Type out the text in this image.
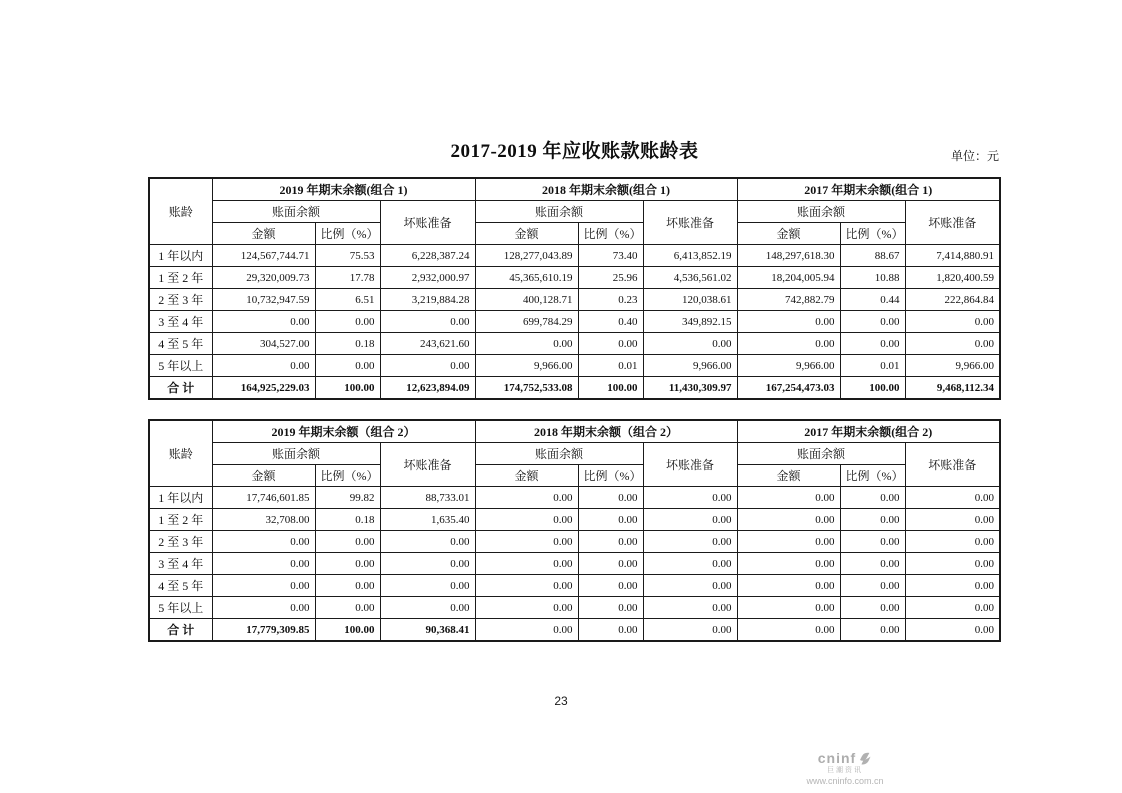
2017-2019 年应收账款账龄表	单位：元
账龄	2019 年期末余额(组合 1)			2018 年期末余额(组合 1)			2017 年期末余额(组合 1)		
	账面余额		坏账准备	账面余额		坏账准备	账面余额		坏账准备
	金额	比例（%）		金额	比例（%）		金额	比例（%）	
1 年以内	124,567,744.71	75.53	6,228,387.24	128,277,043.89	73.40	6,413,852.19	148,297,618.30	88.67	7,414,880.91
1 至 2 年	29,320,009.73	17.78	2,932,000.97	45,365,610.19	25.96	4,536,561.02	18,204,005.94	10.88	1,820,400.59
2 至 3 年	10,732,947.59	6.51	3,219,884.28	400,128.71	0.23	120,038.61	742,882.79	0.44	222,864.84
3 至 4 年	0.00	0.00	0.00	699,784.29	0.40	349,892.15	0.00	0.00	0.00
4 至 5 年	304,527.00	0.18	243,621.60	0.00	0.00	0.00	0.00	0.00	0.00
5 年以上	0.00	0.00	0.00	9,966.00	0.01	9,966.00	9,966.00	0.01	9,966.00
合 计	164,925,229.03	100.00	12,623,894.09	174,752,533.08	100.00	11,430,309.97	167,254,473.03	100.00	9,468,112.34
账龄	2019 年期末余额（组合 2）			2018 年期末余额（组合 2）			2017 年期末余额(组合 2)		
	账面余额		坏账准备	账面余额		坏账准备	账面余额		坏账准备
	金额	比例（%）		金额	比例（%）		金额	比例（%）	
1 年以内	17,746,601.85	99.82	88,733.01	0.00	0.00	0.00	0.00	0.00	0.00
1 至 2 年	32,708.00	0.18	1,635.40	0.00	0.00	0.00	0.00	0.00	0.00
2 至 3 年	0.00	0.00	0.00	0.00	0.00	0.00	0.00	0.00	0.00
3 至 4 年	0.00	0.00	0.00	0.00	0.00	0.00	0.00	0.00	0.00
4 至 5 年	0.00	0.00	0.00	0.00	0.00	0.00	0.00	0.00	0.00
5 年以上	0.00	0.00	0.00	0.00	0.00	0.00	0.00	0.00	0.00
合 计	17,779,309.85	100.00	90,368.41	0.00	0.00	0.00	0.00	0.00	0.00
23
cninf
巨潮资讯
www.cninfo.com.cn
